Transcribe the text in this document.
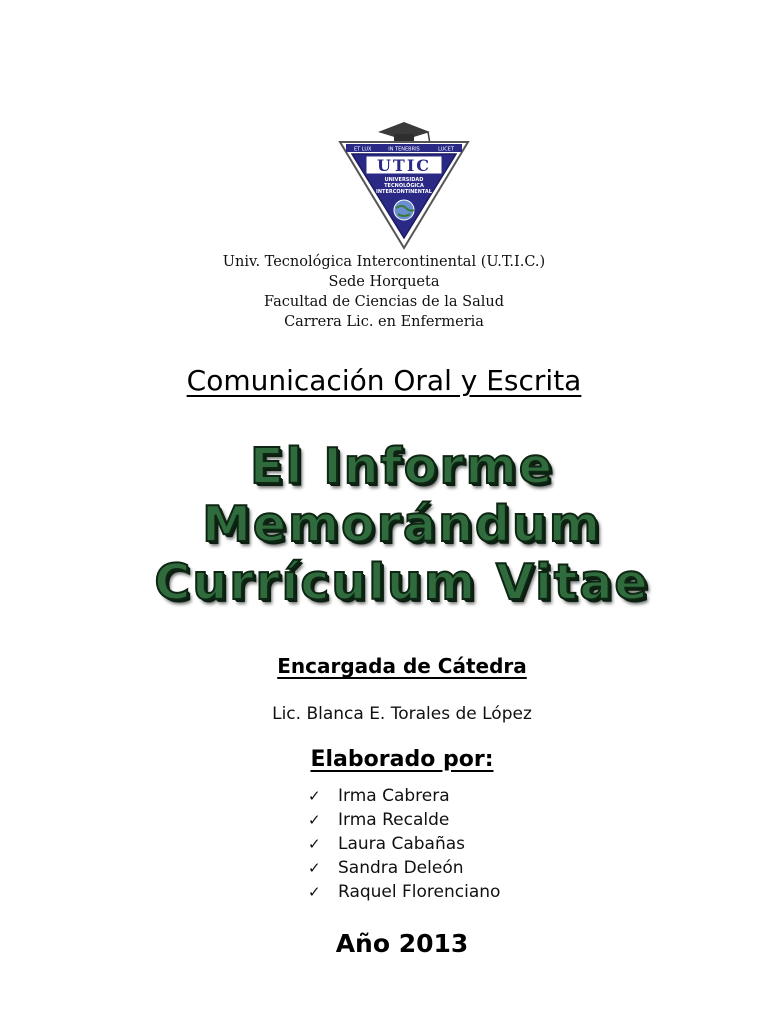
ET LUX	IN TENEBRIS	LUCET
UTIC
UNIVERSIDAD
TECNOLÓGICA
INTERCONTINENTAL
Univ. Tecnológica Intercontinental (U.T.I.C.)
Sede Horqueta
Facultad de Ciencias de la Salud
Carrera Lic. en Enfermeria
Comunicación Oral y Escrita
El Informe
Memorándum
Currículum Vitae
Encargada de Cátedra
Lic. Blanca E. Torales de López
Elaborado por:
✓ Irma Cabrera
✓ Irma Recalde
✓ Laura Cabañas
✓ Sandra Deleón
✓ Raquel Florenciano
Año 2013
